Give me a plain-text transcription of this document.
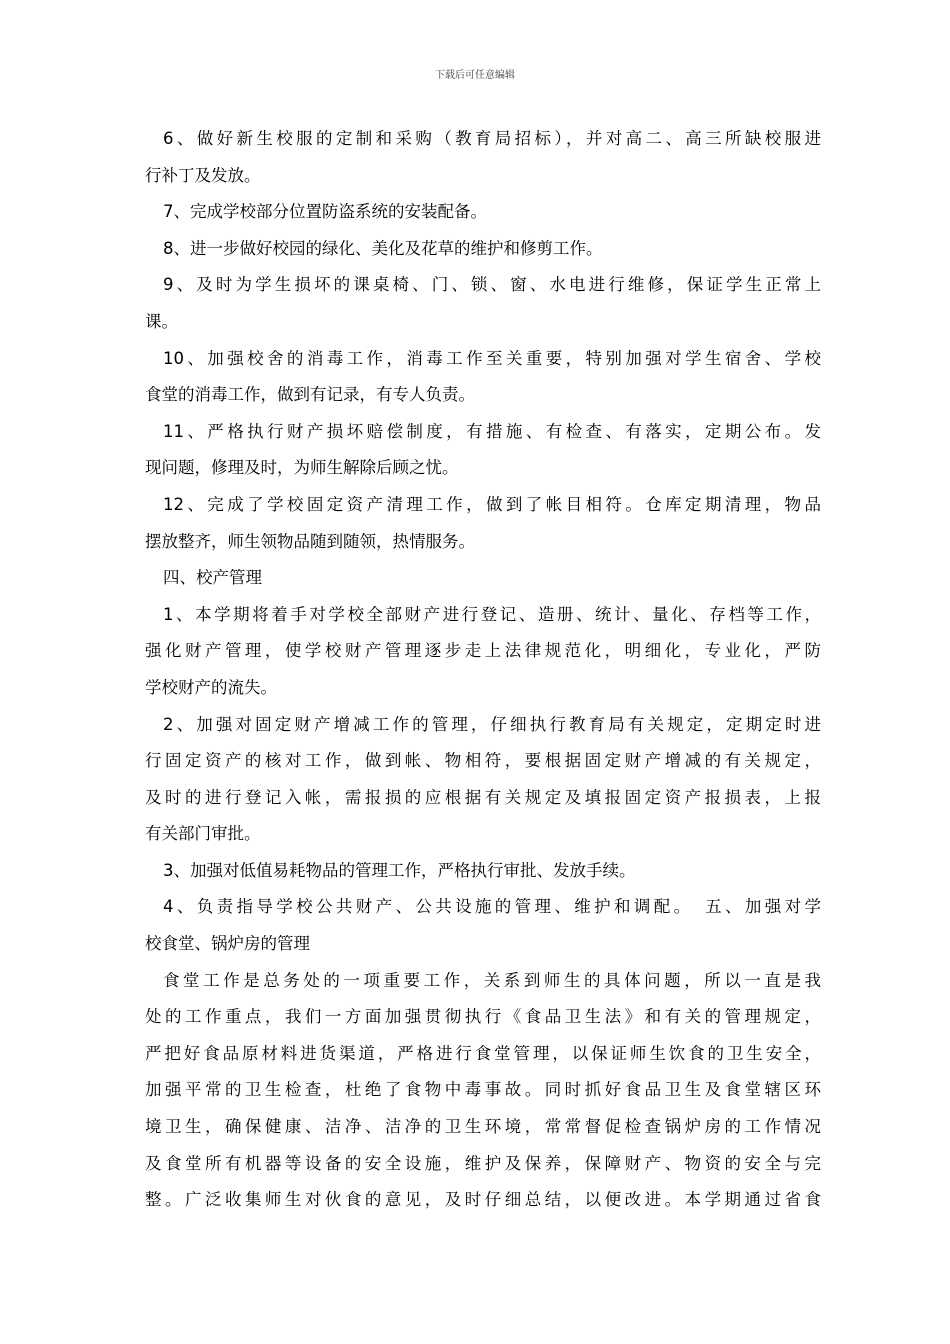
下载后可任意编辑
6、做好新生校服的定制和采购（教育局招标），并对高二、高三所缺校服进
行补丁及发放。
7、完成学校部分位置防盗系统的安装配备。
8、进一步做好校园的绿化、美化及花草的维护和修剪工作。
9、及时为学生损坏的课桌椅、门、锁、窗、水电进行维修，保证学生正常上
课。
10、加强校舍的消毒工作，消毒工作至关重要，特别加强对学生宿舍、学校
食堂的消毒工作，做到有记录，有专人负责。
11、严格执行财产损坏赔偿制度，有措施、有检查、有落实，定期公布。发
现问题，修理及时，为师生解除后顾之忧。
12、完成了学校固定资产清理工作，做到了帐目相符。仓库定期清理，物品
摆放整齐，师生领物品随到随领，热情服务。
四、校产管理
1、本学期将着手对学校全部财产进行登记、造册、统计、量化、存档等工作，
强化财产管理，使学校财产管理逐步走上法律规范化，明细化，专业化，严防
学校财产的流失。
2、加强对固定财产增减工作的管理，仔细执行教育局有关规定，定期定时进
行固定资产的核对工作，做到帐、物相符，要根据固定财产增减的有关规定，
及时的进行登记入帐，需报损的应根据有关规定及填报固定资产报损表，上报
有关部门审批。
3、加强对低值易耗物品的管理工作，严格执行审批、发放手续。
4、负责指导学校公共财产、公共设施的管理、维护和调配。　五、加强对学
校食堂、锅炉房的管理
食堂工作是总务处的一项重要工作，关系到师生的具体问题，所以一直是我
处的工作重点，我们一方面加强贯彻执行《食品卫生法》和有关的管理规定，
严把好食品原材料进货渠道，严格进行食堂管理，以保证师生饮食的卫生安全，
加强平常的卫生检查，杜绝了食物中毒事故。同时抓好食品卫生及食堂辖区环
境卫生，确保健康、洁净、洁净的卫生环境，常常督促检查锅炉房的工作情况
及食堂所有机器等设备的安全设施，维护及保养，保障财产、物资的安全与完
整。广泛收集师生对伙食的意见，及时仔细总结，以便改进。本学期通过省食
